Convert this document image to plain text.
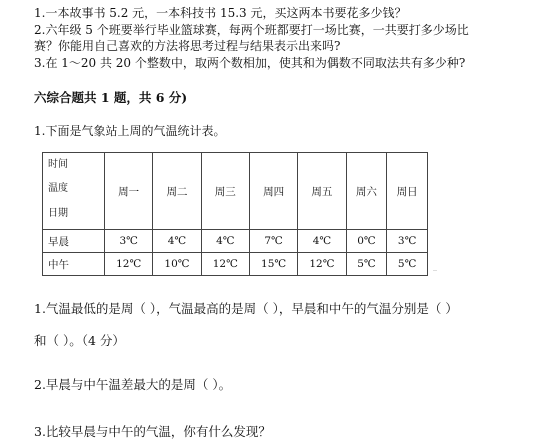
1.一本故事书 5.2 元，一本科技书 15.3 元，买这两本书要花多少钱？
2.六年级 5 个班要举行毕业篮球赛，每两个班都要打一场比赛，一共要打多少场比
赛？你能用自己喜欢的方法将思考过程与结果表示出来吗?
3.在 1～20 共 20 个整数中，取两个数相加，使其和为偶数不同取法共有多少种?
六综合题共 1 题，共 6 分)
1.下面是气象站上周的气温统计表。
时间
温度
日期	周一	周二	周三	周四	周五	周六	周日
早晨	3℃	4℃	4℃	7℃	4℃	0℃	3℃
中午	12℃	10℃	12℃	15℃	12℃	5℃	5℃
1.气温最低的是周（ ），气温最高的是周（ ），早晨和中午的气温分别是（ ）
和（ ）。（4 分）
2.早晨与中午温差最大的是周（ ）。
3.比较早晨与中午的气温，你有什么发现？
